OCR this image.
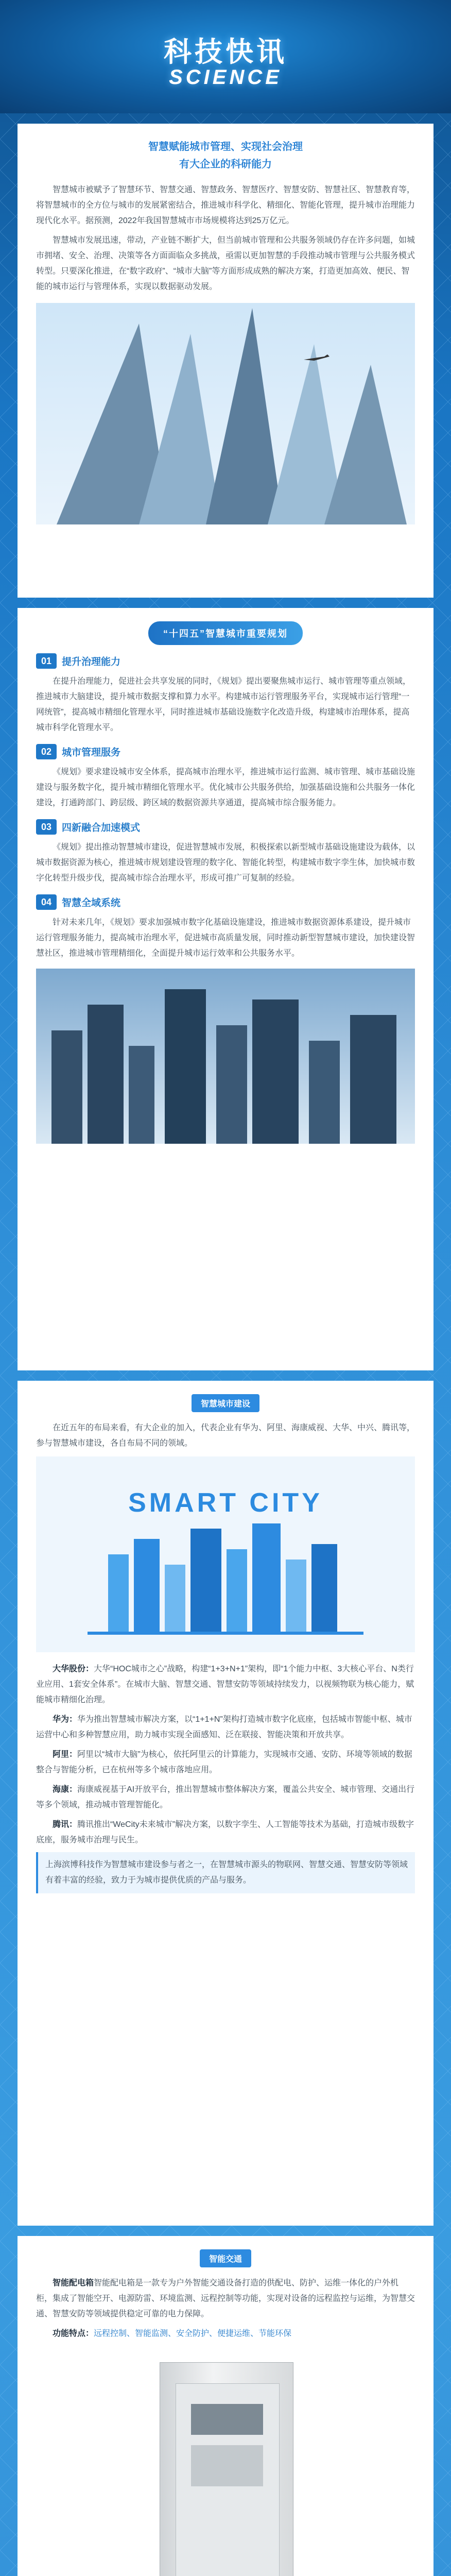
科技快讯
SCIENCE
智慧赋能城市管理、实现社会治理
有大企业的科研能力

智慧城市被赋予了智慧环节、智慧交通、智慧政务、智慧医疗、智慧安防、智慧社区、智慧教育等，将智慧城市的全方位与城市的发展紧密结合，推进城市科学化、精细化、智能化管理，提升城市治理能力现代化水平。据预测，2022年我国智慧城市市场规模将达到25万亿元。

智慧城市发展迅速，带动，产业链不断扩大，但当前城市管理和公共服务领域仍存在许多问题，如城市拥堵、安全、治理、决策等各方面面临众多挑战，亟需以更加智慧的手段推动城市管理与公共服务模式转型。只要深化推进，在“数字政府”、“城市大脑”等方面形成成熟的解决方案，打造更加高效、便民、智能的城市运行与管理体系，实现以数据驱动发展。

“十四五”智慧城市重要规划
01 提升治理能力

在提升治理能力，促进社会共享发展的同时，《规划》提出要聚焦城市运行、城市管理等重点领域，推进城市大脑建设，提升城市数据支撑和算力水平。构建城市运行管理服务平台，实现城市运行管理“一网统管”，提高城市精细化管理水平，同时推进城市基础设施数字化改造升级，构建城市治理体系，提高城市科学化管理水平。

02 城市管理服务

《规划》要求建设城市安全体系，提高城市治理水平，推进城市运行监测、城市管理、城市基础设施建设与服务数字化，提升城市精细化管理水平。优化城市公共服务供给，加强基础设施和公共服务一体化建设，打通跨部门、跨层级、跨区域的数据资源共享通道，提高城市综合服务能力。

03 四新融合加速模式

《规划》提出推动智慧城市建设，促进智慧城市发展，积极探索以新型城市基础设施建设为载体，以城市数据资源为核心，推进城市规划建设管理的数字化、智能化转型，构建城市数字孪生体，加快城市数字化转型升级步伐，提高城市综合治理水平，形成可推广可复制的经验。

04 智慧全域系统

针对未来几年，《规划》要求加强城市数字化基础设施建设，推进城市数据资源体系建设，提升城市运行管理服务能力，提高城市治理水平，促进城市高质量发展，同时推动新型智慧城市建设，加快建设智慧社区，推进城市管理精细化，全面提升城市运行效率和公共服务水平。

智慧城市建设

在近五年的布局来看，有大企业的加入，代表企业有华为、阿里、海康威视、大华、中兴、腾讯等，参与智慧城市建设，各自布局不同的领域。

SMART CITY

大华股份：大华“HOC城市之心”战略，构建“1+3+N+1”架构，即“1个能力中枢、3大核心平台、N类行业应用、1套安全体系”。在城市大脑、智慧交通、智慧安防等领域持续发力，以视频物联为核心能力，赋能城市精细化治理。

华为：华为推出智慧城市解决方案，以“1+1+N”架构打造城市数字化底座，包括城市智能中枢、城市运营中心和多种智慧应用，助力城市实现全面感知、泛在联接、智能决策和开放共享。

阿里：阿里以“城市大脑”为核心，依托阿里云的计算能力，实现城市交通、安防、环境等领域的数据整合与智能分析，已在杭州等多个城市落地应用。

海康：海康威视基于AI开放平台，推出智慧城市整体解决方案，覆盖公共安全、城市管理、交通出行等多个领域，推动城市管理智能化。

腾讯：腾讯推出“WeCity未来城市”解决方案，以数字孪生、人工智能等技术为基础，打造城市级数字底座，服务城市治理与民生。

上海滨博科技作为智慧城市建设参与者之一，在智慧城市源头的物联网、智慧交通、智慧安防等领域有着丰富的经验，致力于为城市提供优质的产品与服务。

智能交通

智能配电箱智能配电箱是一款专为户外智能交通设备打造的供配电、防护、运维一体化的户外机柜，集成了智能空开、电源防雷、环境监测、远程控制等功能，实现对设备的远程监控与运维，为智慧交通、智慧安防等领域提供稳定可靠的电力保障。

功能特点：远程控制、智能监测、安全防护、便捷运维、节能环保
